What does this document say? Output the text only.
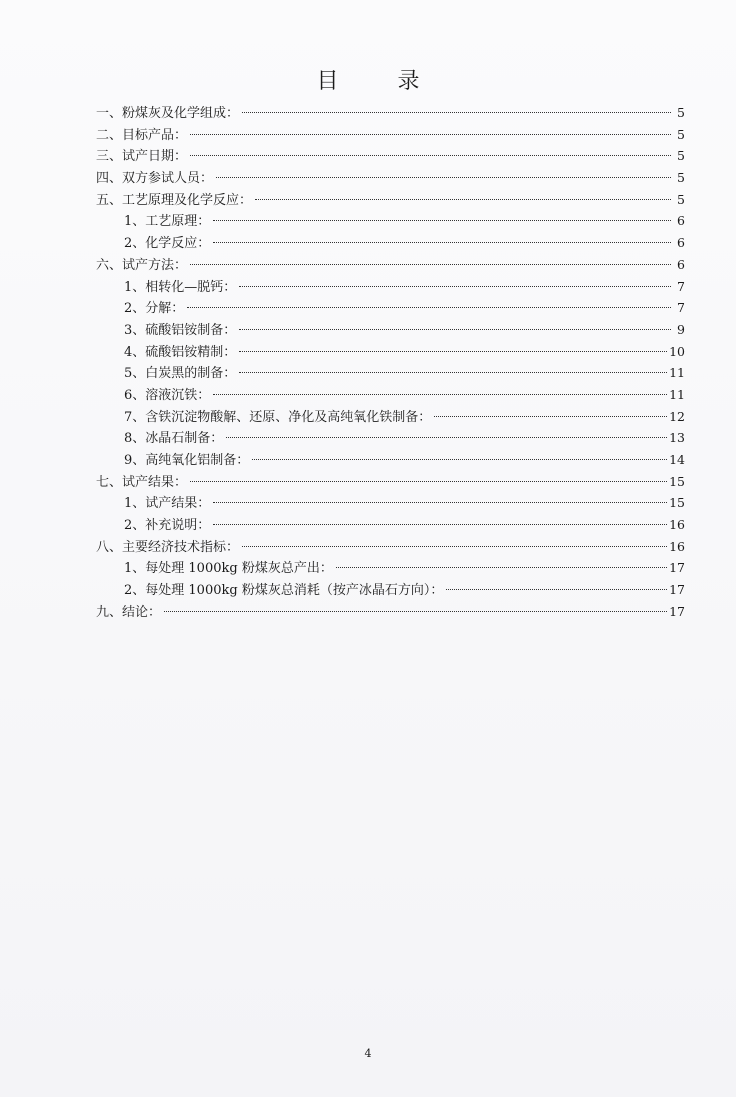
目 录
一、粉煤灰及化学组成：	5
二、目标产品：	5
三、试产日期：	5
四、双方参试人员：	5
五、工艺原理及化学反应：	5
1、工艺原理：	6
2、化学反应：	6
六、试产方法：	6
1、相转化—脱钙：	7
2、分解：	7
3、硫酸铝铵制备：	9
4、硫酸铝铵精制：	10
5、白炭黑的制备：	11
6、溶液沉铁：	11
7、含铁沉淀物酸解、还原、净化及高纯氧化铁制备：	12
8、冰晶石制备：	13
9、高纯氧化铝制备：	14
七、试产结果：	15
1、试产结果：	15
2、补充说明：	16
八、主要经济技术指标：	16
1、每处理 1000kg 粉煤灰总产出：	17
2、每处理 1000kg 粉煤灰总消耗（按产冰晶石方向）：	17
九、结论：	17
4
